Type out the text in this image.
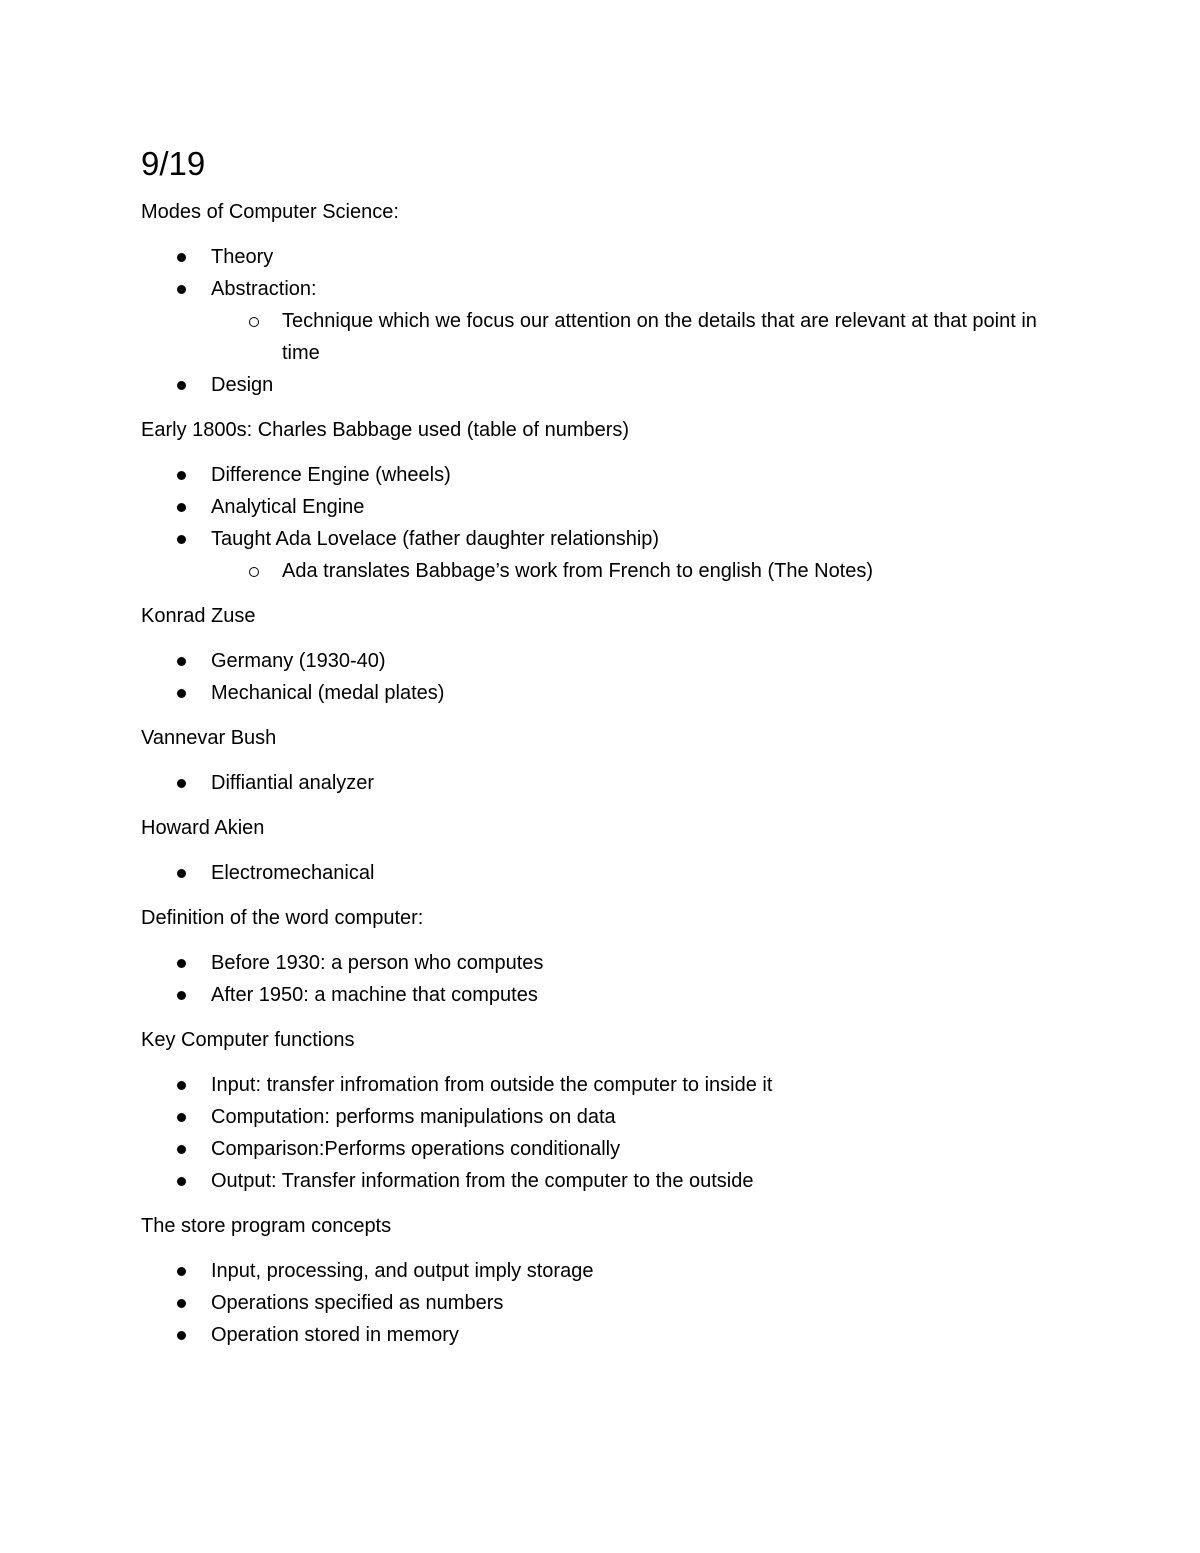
9/19
Modes of Computer Science:
Theory
Abstraction:
Technique which we focus our attention on the details that are relevant at that point in time
Design
Early 1800s: Charles Babbage used (table of numbers)
Difference Engine (wheels)
Analytical Engine
Taught Ada Lovelace (father daughter relationship)
Ada translates Babbage’s work from French to english (The Notes)
Konrad Zuse
Germany (1930-40)
Mechanical (medal plates)
Vannevar Bush
Diffiantial analyzer
Howard Akien
Electromechanical
Definition of the word computer:
Before 1930: a person who computes
After 1950: a machine that computes
Key Computer functions
Input: transfer infromation from outside the computer to inside it
Computation: performs manipulations on data
Comparison:Performs operations conditionally
Output: Transfer information from the computer to the outside
The store program concepts
Input, processing, and output imply storage
Operations specified as numbers
Operation stored in memory
